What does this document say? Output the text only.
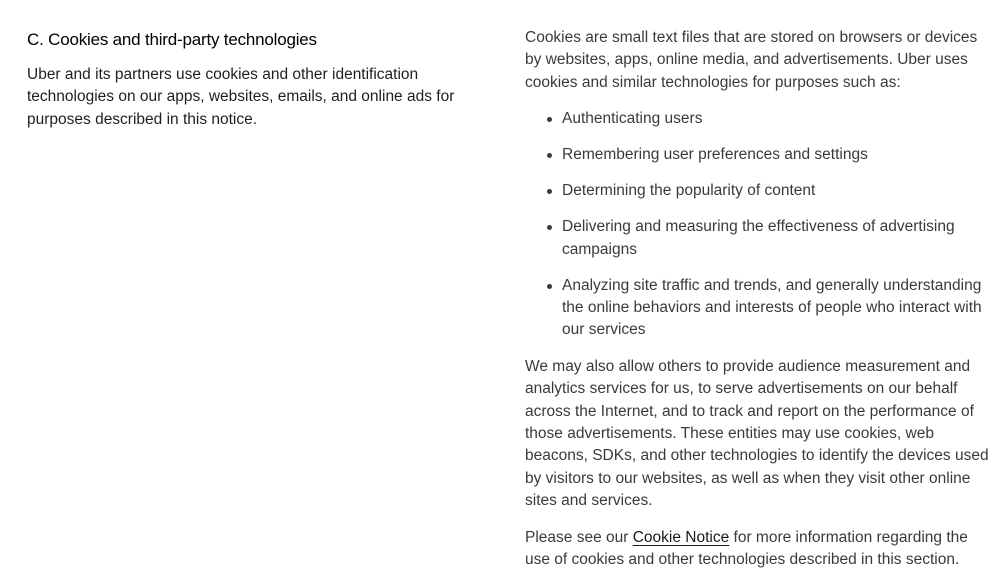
C. Cookies and third-party technologies

Uber and its partners use cookies and other identification technologies on our apps, websites, emails, and online ads for purposes described in this notice.

Cookies are small text files that are stored on browsers or devices by websites, apps, online media, and advertisements. Uber uses cookies and similar technologies for purposes such as:

Authenticating users
Remembering user preferences and settings
Determining the popularity of content
Delivering and measuring the effectiveness of advertising campaigns
Analyzing site traffic and trends, and generally understanding the online behaviors and interests of people who interact with our services

We may also allow others to provide audience measurement and analytics services for us, to serve advertisements on our behalf across the Internet, and to track and report on the performance of those advertisements. These entities may use cookies, web beacons, SDKs, and other technologies to identify the devices used by visitors to our websites, as well as when they visit other online sites and services.

Please see our Cookie Notice for more information regarding the use of cookies and other technologies described in this section.
